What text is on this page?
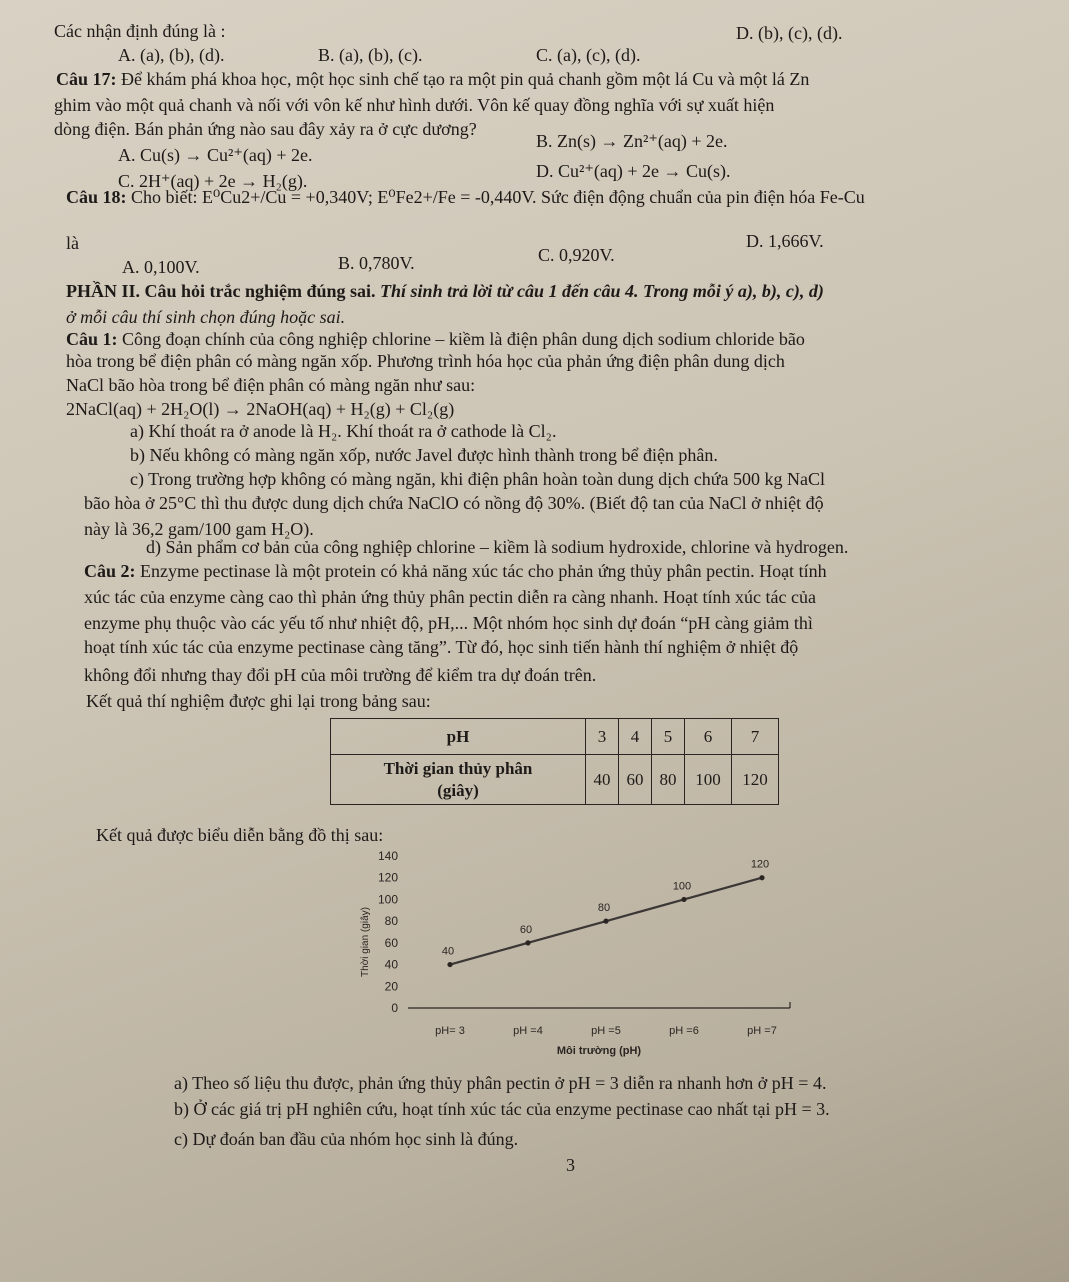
Các nhận định đúng là :
A. (a), (b), (d).	B. (a), (b), (c).	C. (a), (c), (d).
D. (b), (c), (d).
Câu 17: Để khám phá khoa học, một học sinh chế tạo ra một pin quả chanh gồm một lá Cu và một lá Zn
ghim vào một quả chanh và nối với vôn kế như hình dưới. Vôn kế quay đồng nghĩa với sự xuất hiện
dòng điện. Bán phản ứng nào sau đây xảy ra ở cực dương?
A. Cu(s) → Cu²⁺(aq) + 2e.
B. Zn(s) → Zn²⁺(aq) + 2e.
C. 2H⁺(aq) + 2e → H₂(g).	D. Cu²⁺(aq) + 2e → Cu(s).
Câu 18: Cho biết: E⁰Cu2+/Cu = +0,340V; E⁰Fe2+/Fe = -0,440V. Sức điện động chuẩn của pin điện hóa Fe-Cu
là
A. 0,100V.	B. 0,780V.	C. 0,920V.
D. 1,666V.
PHẦN II. Câu hỏi trắc nghiệm đúng sai. Thí sinh trả lời từ câu 1 đến câu 4. Trong mỗi ý a), b), c), d)
ở mỗi câu thí sinh chọn đúng hoặc sai.
Câu 1: Công đoạn chính của công nghiệp chlorine – kiềm là điện phân dung dịch sodium chloride bão
hòa trong bể điện phân có màng ngăn xốp. Phương trình hóa học của phản ứng điện phân dung dịch
NaCl bão hòa trong bể điện phân có màng ngăn như sau:
2NaCl(aq) + 2H₂O(l) → 2NaOH(aq) + H₂(g) + Cl₂(g)
a) Khí thoát ra ở anode là H₂. Khí thoát ra ở cathode là Cl₂.
b) Nếu không có màng ngăn xốp, nước Javel được hình thành trong bể điện phân.
c) Trong trường hợp không có màng ngăn, khi điện phân hoàn toàn dung dịch chứa 500 kg NaCl
bão hòa ở 25°C thì thu được dung dịch chứa NaClO có nồng độ 30%. (Biết độ tan của NaCl ở nhiệt độ
này là 36,2 gam/100 gam H₂O).
d) Sản phẩm cơ bản của công nghiệp chlorine – kiềm là sodium hydroxide, chlorine và hydrogen.
Câu 2: Enzyme pectinase là một protein có khả năng xúc tác cho phản ứng thủy phân pectin. Hoạt tính
xúc tác của enzyme càng cao thì phản ứng thủy phân pectin diễn ra càng nhanh. Hoạt tính xúc tác của
enzyme phụ thuộc vào các yếu tố như nhiệt độ, pH,... Một nhóm học sinh dự đoán “pH càng giảm thì
hoạt tính xúc tác của enzyme pectinase càng tăng”. Từ đó, học sinh tiến hành thí nghiệm ở nhiệt độ
không đổi nhưng thay đổi pH của môi trường để kiểm tra dự đoán trên.
Kết quả thí nghiệm được ghi lại trong bảng sau:
pH	3	4	5	6	7

Thời gian thủy phân
(giây)	40	60	80	100	120
Kết quả được biểu diễn bằng đồ thị sau:
140
120
100
80
60
40
20
0
Thời gian (giây)
pH= 3	pH =4	pH =5	pH =6	pH =7
Môi trường (pH)
40
60
80
100
120
a) Theo số liệu thu được, phản ứng thủy phân pectin ở pH = 3 diễn ra nhanh hơn ở pH = 4.
b) Ở các giá trị pH nghiên cứu, hoạt tính xúc tác của enzyme pectinase cao nhất tại pH = 3.
c) Dự đoán ban đầu của nhóm học sinh là đúng.
3
